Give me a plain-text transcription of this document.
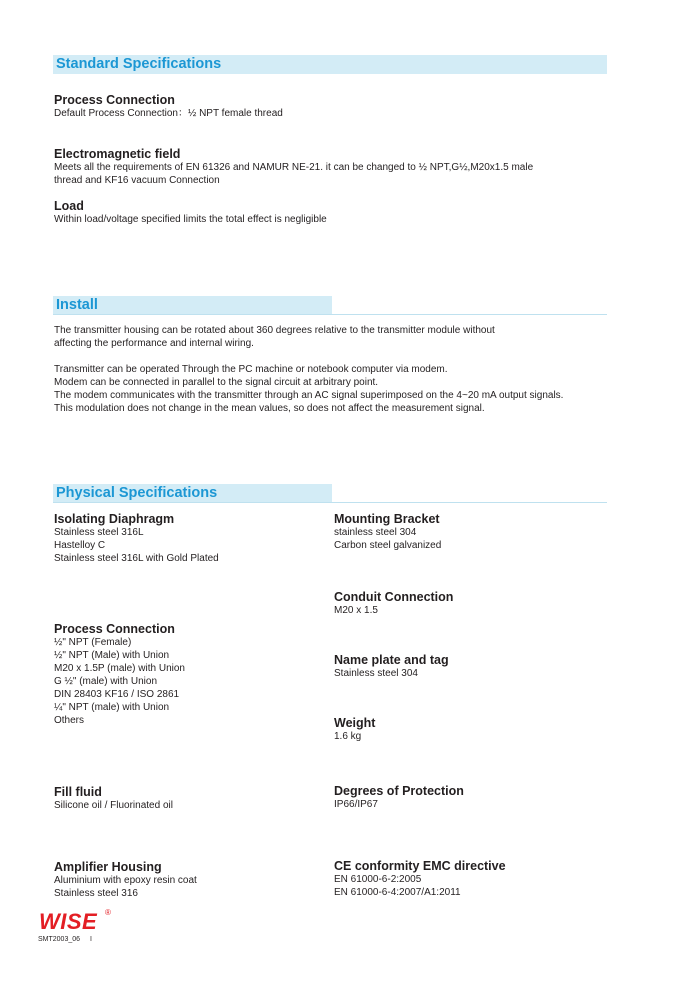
Standard Specifications
Process Connection
Default Process Connection：½ NPT female thread
Electromagnetic field
Meets all the requirements of EN 61326 and NAMUR NE-21. it can be changed to ½ NPT,G½,M20x1.5 male
thread and KF16 vacuum Connection
Load
Within load/voltage specified limits the total effect is negligible
Install
The transmitter housing can be rotated about 360 degrees relative to the transmitter module without
affecting the performance and internal wiring.
Transmitter can be operated Through the PC machine or notebook computer via modem.
Modem can be connected in parallel to the signal circuit at arbitrary point.
The modem communicates with the transmitter through an AC signal superimposed on the 4~20 mA output signals.
This modulation does not change in the mean values, so does not affect the measurement signal.
Physical Specifications
Isolating Diaphragm
Stainless steel 316L
Hastelloy C
Stainless steel 316L with Gold Plated
Process Connection
½" NPT (Female)
½" NPT (Male) with Union
M20 x 1.5P (male) with Union
G ½" (male) with Union
DIN 28403 KF16 / ISO 2861
¼" NPT (male) with Union
Others
Fill fluid
Silicone oil / Fluorinated oil
Amplifier Housing
Aluminium with epoxy resin coat
Stainless steel 316
Mounting Bracket
stainless steel 304
Carbon steel galvanized
Conduit Connection
M20 x 1.5
Name plate and tag
Stainless steel 304
Weight
1.6 kg
Degrees of Protection
IP66/IP67
CE conformity EMC directive
EN 61000-6-2:2005
EN 61000-6-4:2007/A1:2011
WISE ®
SMT2003_06 I
